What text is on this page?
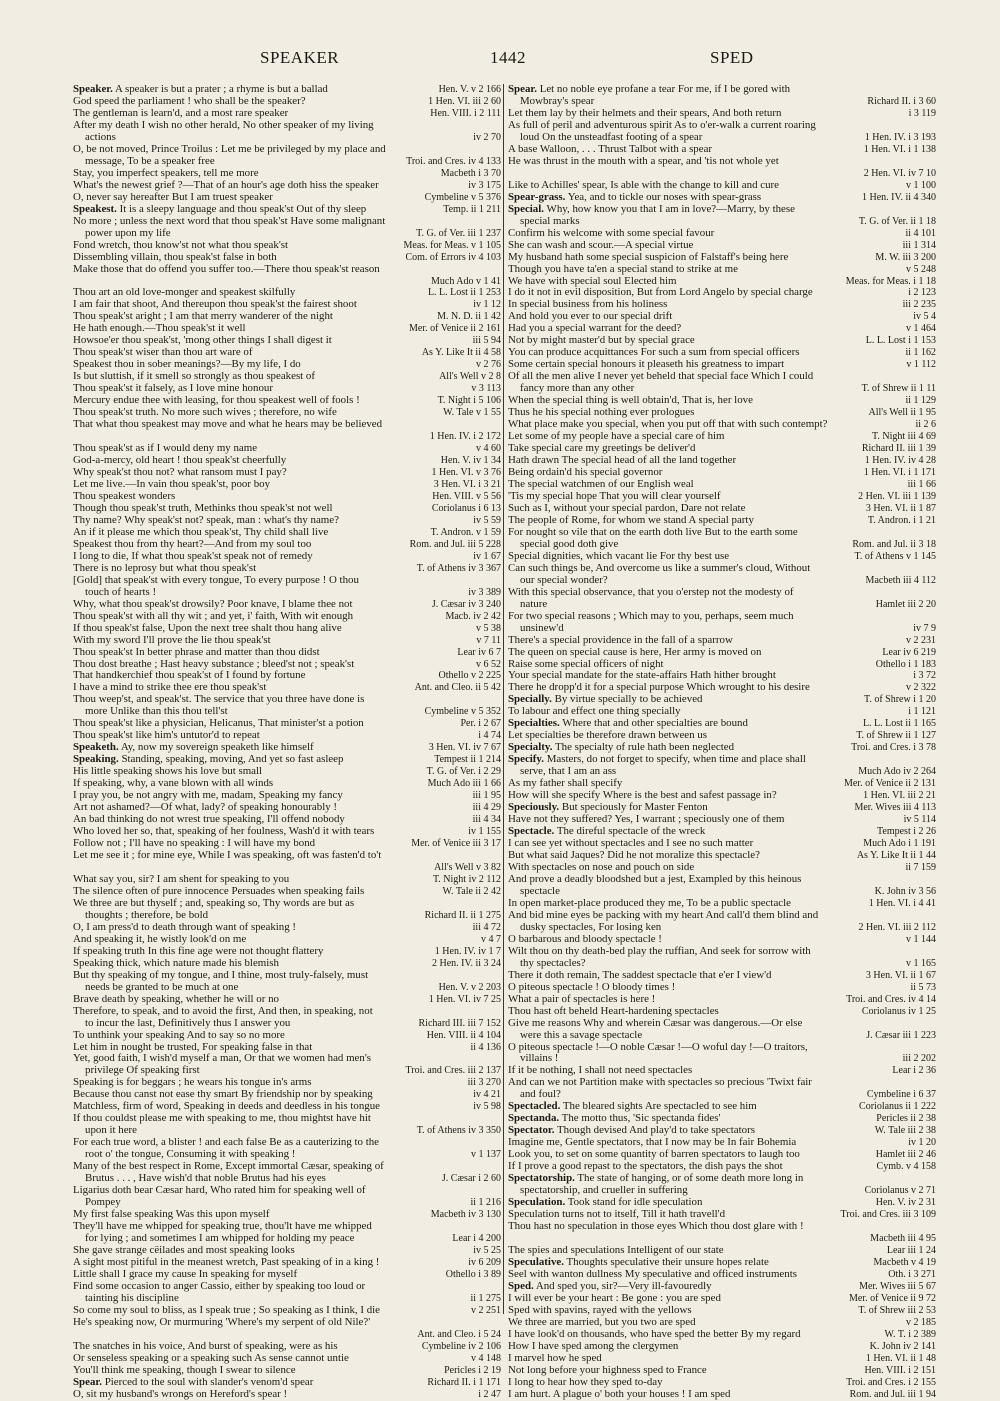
SPEAKER	1442	SPED
Speaker. A speaker is but a prater ; a rhyme is but a ballad	Hen. V. v 2 166
God speed the parliament ! who shall be the speaker?	1 Hen. VI. iii 2 60
The gentleman is learn'd, and a most rare speaker	Hen. VIII. i 2 111
After my death I wish no other herald, No other speaker of my living
actions	iv 2 70
O, be not moved, Prince Troilus : Let me be privileged by my place and
message, To be a speaker free	Troi. and Cres. iv 4 133
Stay, you imperfect speakers, tell me more	Macbeth i 3 70
What's the newest grief ?—That of an hour's age doth hiss the speaker	iv 3 175
O, never say hereafter But I am truest speaker	Cymbeline v 5 376
Speakest. It is a sleepy language and thou speak'st Out of thy sleep	Temp. ii 1 211
No more ; unless the next word that thou speak'st Have some malignant
power upon my life	T. G. of Ver. iii 1 237
Fond wretch, thou know'st not what thou speak'st	Meas. for Meas. v 1 105
Dissembling villain, thou speak'st false in both	Com. of Errors iv 4 103
Make those that do offend you suffer too.—There thou speak'st reason
Much Ado v 1 41
Thou art an old love-monger and speakest skilfully	L. L. Lost ii 1 253
I am fair that shoot, And thereupon thou speak'st the fairest shoot	iv 1 12
Thou speak'st aright ; I am that merry wanderer of the night	M. N. D. ii 1 42
He hath enough.—Thou speak'st it well	Mer. of Venice ii 2 161
Howsoe'er thou speak'st, 'mong other things I shall digest it	iii 5 94
Thou speak'st wiser than thou art ware of	As Y. Like It ii 4 58
Speakest thou in sober meanings?—By my life, I do	v 2 76
Is but sluttish, if it smell so strongly as thou speakest of	All's Well v 2 8
Thou speak'st it falsely, as I love mine honour	v 3 113
Mercury endue thee with leasing, for thou speakest well of fools !	T. Night i 5 106
Thou speak'st truth. No more such wives ; therefore, no wife	W. Tale v 1 55
That what thou speakest may move and what he hears may be believed
1 Hen. IV. i 2 172
Thou speak'st as if I would deny my name	v 4 60
God-a-mercy, old heart ! thou speak'st cheerfully	Hen. V. iv 1 34
Why speak'st thou not? what ransom must I pay?	1 Hen. VI. v 3 76
Let me live.—In vain thou speak'st, poor boy	3 Hen. VI. i 3 21
Thou speakest wonders	Hen. VIII. v 5 56
Though thou speak'st truth, Methinks thou speak'st not well	Coriolanus i 6 13
Thy name? Why speak'st not? speak, man : what's thy name?	iv 5 59
An if it please me which thou speak'st, Thy child shall live	T. Andron. v 1 59
Speakest thou from thy heart?—And from my soul too	Rom. and Jul. iii 5 228
I long to die, If what thou speak'st speak not of remedy	iv 1 67
There is no leprosy but what thou speak'st	T. of Athens iv 3 367
[Gold] that speak'st with every tongue, To every purpose ! O thou
touch of hearts !	iv 3 389
Why, what thou speak'st drowsily? Poor knave, I blame thee not	J. Cæsar iv 3 240
Thou speak'st with all thy wit ; and yet, i' faith, With wit enough	Macb. iv 2 42
If thou speak'st false, Upon the next tree shalt thou hang alive	v 5 38
With my sword I'll prove the lie thou speak'st	v 7 11
Thou speak'st In better phrase and matter than thou didst	Lear iv 6 7
Thou dost breathe ; Hast heavy substance ; bleed'st not ; speak'st	v 6 52
That handkerchief thou speak'st of I found by fortune	Othello v 2 225
I have a mind to strike thee ere thou speak'st	Ant. and Cleo. ii 5 42
Thou weep'st, and speak'st. The service that you three have done is
more Unlike than this thou tell'st	Cymbeline v 5 352
Thou speak'st like a physician, Helicanus, That minister'st a potion	Per. i 2 67
Thou speak'st like him's untutor'd to repeat	i 4 74
Speaketh. Ay, now my sovereign speaketh like himself	3 Hen. VI. iv 7 67
Speaking. Standing, speaking, moving, And yet so fast asleep	Tempest ii 1 214
His little speaking shows his love but small	T. G. of Ver. i 2 29
If speaking, why, a vane blown with all winds	Much Ado iii 1 66
I pray you, be not angry with me, madam, Speaking my fancy	iii 1 95
Art not ashamed?—Of what, lady? of speaking honourably !	iii 4 29
An bad thinking do not wrest true speaking, I'll offend nobody	iii 4 34
Who loved her so, that, speaking of her foulness, Wash'd it with tears	iv 1 155
Follow not ; I'll have no speaking : I will have my bond	Mer. of Venice iii 3 17
Let me see it ; for mine eye, While I was speaking, oft was fasten'd to't
All's Well v 3 82
What say you, sir? I am shent for speaking to you	T. Night iv 2 112
The silence often of pure innocence Persuades when speaking fails	W. Tale ii 2 42
We three are but thyself ; and, speaking so, Thy words are but as
thoughts ; therefore, be bold	Richard II. ii 1 275
O, I am press'd to death through want of speaking !	iii 4 72
And speaking it, he wistly look'd on me	v 4 7
If speaking truth In this fine age were not thought flattery	1 Hen. IV. iv 1 7
Speaking thick, which nature made his blemish	2 Hen. IV. ii 3 24
But thy speaking of my tongue, and I thine, most truly-falsely, must
needs be granted to be much at one	Hen. V. v 2 203
Brave death by speaking, whether he will or no	1 Hen. VI. iv 7 25
Therefore, to speak, and to avoid the first, And then, in speaking, not
to incur the last, Definitively thus I answer you	Richard III. iii 7 152
To unthink your speaking And to say so no more	Hen. VIII. ii 4 104
Let him in nought be trusted, For speaking false in that	ii 4 136
Yet, good faith, I wish'd myself a man, Or that we women had men's
privilege Of speaking first	Troi. and Cres. iii 2 137
Speaking is for beggars ; he wears his tongue in's arms	iii 3 270
Because thou canst not ease thy smart By friendship nor by speaking	iv 4 21
Matchless, firm of word, Speaking in deeds and deedless in his tongue	iv 5 98
If thou couldst please me with speaking to me, thou mightst have hit
upon it here	T. of Athens iv 3 350
For each true word, a blister ! and each false Be as a cauterizing to the
root o' the tongue, Consuming it with speaking !	v 1 137
Many of the best respect in Rome, Except immortal Cæsar, speaking of
Brutus . . . , Have wish'd that noble Brutus had his eyes	J. Cæsar i 2 60
Ligarius doth bear Cæsar hard, Who rated him for speaking well of
Pompey	ii 1 216
My first false speaking Was this upon myself	Macbeth iv 3 130
They'll have me whipped for speaking true, thou'lt have me whipped
for lying ; and sometimes I am whipped for holding my peace	Lear i 4 200
She gave strange cëilades and most speaking looks	iv 5 25
A sight most pitiful in the meanest wretch, Past speaking of in a king !	iv 6 209
Little shall I grace my cause In speaking for myself	Othello i 3 89
Find some occasion to anger Cassio, either by speaking too loud or
tainting his discipline	ii 1 275
So come my soul to bliss, as I speak true ; So speaking as I think, I die	v 2 251
He's speaking now, Or murmuring 'Where's my serpent of old Nile?'
Ant. and Cleo. i 5 24
The snatches in his voice, And burst of speaking, were as his	Cymbeline iv 2 106
Or senseless speaking or a speaking such As sense cannot untie	v 4 148
You'll think me speaking, though I swear to silence	Pericles i 2 19
Spear. Pierced to the soul with slander's venom'd spear	Richard II. i 1 171
O, sit my husband's wrongs on Hereford's spear !	i 2 47
Spear. Let no noble eye profane a tear For me, if I be gored with
Mowbray's spear	Richard II. i 3 60
Let them lay by their helmets and their spears, And both return	i 3 119
As full of peril and adventurous spirit As to o'er-walk a current roaring
loud On the unsteadfast footing of a spear	1 Hen. IV. i 3 193
A base Walloon, . . . Thrust Talbot with a spear	1 Hen. VI. i 1 138
He was thrust in the mouth with a spear, and 'tis not whole yet
2 Hen. VI. iv 7 10
Like to Achilles' spear, Is able with the change to kill and cure	v 1 100
Spear-grass. Yea, and to tickle our noses with spear-grass	1 Hen. IV. ii 4 340
Special. Why, how know you that I am in love?—Marry, by these
special marks	T. G. of Ver. ii 1 18
Confirm his welcome with some special favour	ii 4 101
She can wash and scour.—A special virtue	iii 1 314
My husband hath some special suspicion of Falstaff's being here	M. W. iii 3 200
Though you have ta'en a special stand to strike at me	v 5 248
We have with special soul Elected him	Meas. for Meas. i 1 18
I do it not in evil disposition, But from Lord Angelo by special charge	i 2 123
In special business from his holiness	iii 2 235
And hold you ever to our special drift	iv 5 4
Had you a special warrant for the deed?	v 1 464
Not by might master'd but by special grace	L. L. Lost i 1 153
You can produce acquittances For such a sum from special officers	ii 1 162
Some certain special honours it pleaseth his greatness to impart	v 1 112
Of all the men alive I never yet beheld that special face Which I could
fancy more than any other	T. of Shrew ii 1 11
When the special thing is well obtain'd, That is, her love	ii 1 129
Thus he his special nothing ever prologues	All's Well ii 1 95
What place make you special, when you put off that with such contempt?	ii 2 6
Let some of my people have a special care of him	T. Night iii 4 69
Take special care my greetings be deliver'd	Richard II. iii 1 39
Hath drawn The special head of all the land together	1 Hen. IV. iv 4 28
Being ordain'd his special governor	1 Hen. VI. i 1 171
The special watchmen of our English weal	iii 1 66
'Tis my special hope That you will clear yourself	2 Hen. VI. iii 1 139
Such as I, without your special pardon, Dare not relate	3 Hen. VI. ii 1 87
The people of Rome, for whom we stand A special party	T. Andron. i 1 21
For nought so vile that on the earth doth live But to the earth some
special good doth give	Rom. and Jul. ii 3 18
Special dignities, which vacant lie For thy best use	T. of Athens v 1 145
Can such things be, And overcome us like a summer's cloud, Without
our special wonder?	Macbeth iii 4 112
With this special observance, that you o'erstep not the modesty of
nature	Hamlet iii 2 20
For two special reasons ; Which may to you, perhaps, seem much
unsinew'd	iv 7 9
There's a special providence in the fall of a sparrow	v 2 231
The queen on special cause is here, Her army is moved on	Lear iv 6 219
Raise some special officers of night	Othello i 1 183
Your special mandate for the state-affairs Hath hither brought	i 3 72
There he dropp'd it for a special purpose Which wrought to his desire	v 2 322
Specially. By virtue specially to be achieved	T. of Shrew i 1 20
To labour and effect one thing specially	i 1 121
Specialties. Where that and other specialties are bound	L. L. Lost ii 1 165
Let specialties be therefore drawn between us	T. of Shrew ii 1 127
Specialty. The specialty of rule hath been neglected	Troi. and Cres. i 3 78
Specify. Masters, do not forget to specify, when time and place shall
serve, that I am an ass	Much Ado iv 2 264
As my father shall specify	Mer. of Venice ii 2 131
How will she specify Where is the best and safest passage in?	1 Hen. VI. iii 2 21
Speciously. But speciously for Master Fenton	Mer. Wives iii 4 113
Have not they suffered? Yes, I warrant ; speciously one of them	iv 5 114
Spectacle. The direful spectacle of the wreck	Tempest i 2 26
I can see yet without spectacles and I see no such matter	Much Ado i 1 191
But what said Jaques? Did he not moralize this spectacle?	As Y. Like It ii 1 44
With spectacles on nose and pouch on side	ii 7 159
And prove a deadly bloodshed but a jest, Exampled by this heinous
spectacle	K. John iv 3 56
In open market-place produced they me, To be a public spectacle	1 Hen. VI. i 4 41
And bid mine eyes be packing with my heart And call'd them blind and
dusky spectacles, For losing ken	2 Hen. VI. iii 2 112
O barbarous and bloody spectacle !	v 1 144
Wilt thou on thy death-bed play the ruffian, And seek for sorrow with
thy spectacles?	v 1 165
There it doth remain, The saddest spectacle that e'er I view'd	3 Hen. VI. ii 1 67
O piteous spectacle ! O bloody times !	ii 5 73
What a pair of spectacles is here !	Troi. and Cres. iv 4 14
Thou hast oft beheld Heart-hardening spectacles	Coriolanus iv 1 25
Give me reasons Why and wherein Cæsar was dangerous.—Or else
were this a savage spectacle	J. Cæsar iii 1 223
O piteous spectacle !—O noble Cæsar !—O woful day !—O traitors,
villains !	iii 2 202
If it be nothing, I shall not need spectacles	Lear i 2 36
And can we not Partition make with spectacles so precious 'Twixt fair
and foul?	Cymbeline i 6 37
Spectacled. The bleared sights Are spectacled to see him	Coriolanus ii 1 222
Spectanda. The motto thus, 'Sic spectanda fides'	Pericles ii 2 38
Spectator. Though devised And play'd to take spectators	W. Tale iii 2 38
Imagine me, Gentle spectators, that I now may be In fair Bohemia	iv 1 20
Look you, to set on some quantity of barren spectators to laugh too	Hamlet iii 2 46
If I prove a good repast to the spectators, the dish pays the shot	Cymb. v 4 158
Spectatorship. The state of hanging, or of some death more long in
spectatorship, and crueller in suffering	Coriolanus v 2 71
Speculation. Took stand for idle speculation	Hen. V. iv 2 31
Speculation turns not to itself, Till it hath travell'd	Troi. and Cres. iii 3 109
Thou hast no speculation in those eyes Which thou dost glare with !
Macbeth iii 4 95
The spies and speculations Intelligent of our state	Lear iii 1 24
Speculative. Thoughts speculative their unsure hopes relate	Macbeth v 4 19
Seel with wanton dullness My speculative and officed instruments	Oth. i 3 271
Sped. And sped you, sir?—Very ill-favouredly	Mer. Wives iii 5 67
I will ever be your heart : Be gone : you are sped	Mer. of Venice ii 9 72
Sped with spavins, rayed with the yellows	T. of Shrew iii 2 53
We three are married, but you two are sped	v 2 185
I have look'd on thousands, who have sped the better By my regard	W. T. i 2 389
How I have sped among the clergymen	K. John iv 2 141
I marvel how he sped	1 Hen. VI. ii 1 48
Not long before your highness sped to France	Hen. VIII. i 2 151
I long to hear how they sped to-day	Troi. and Cres. i 2 155
I am hurt. A plague o' both your houses ! I am sped	Rom. and Jul. iii 1 94
